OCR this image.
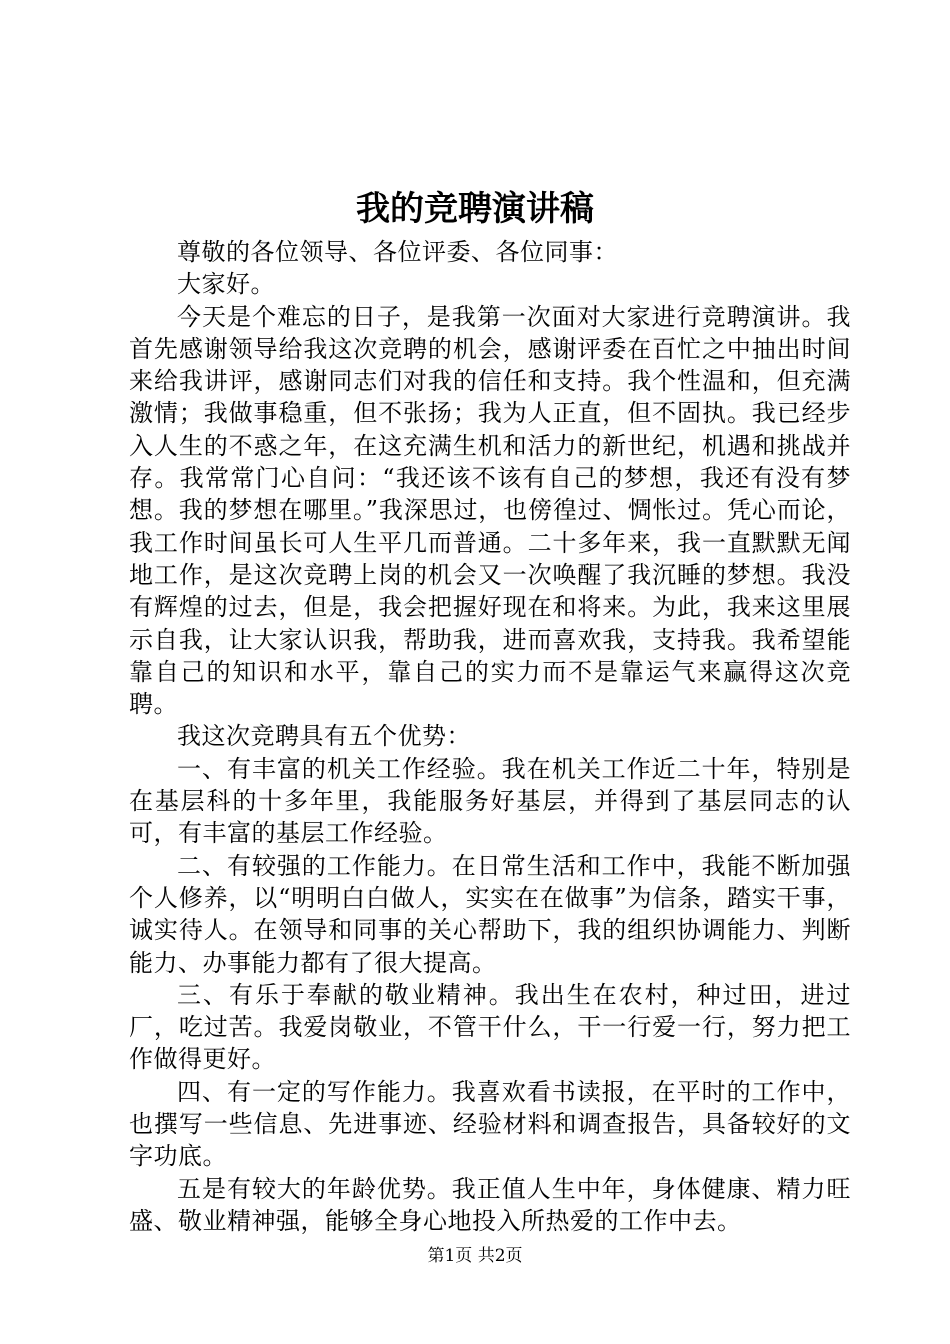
我的竞聘演讲稿

尊敬的各位领导、各位评委、各位同事：

大家好。

今天是个难忘的日子，是我第一次面对大家进行竞聘演讲。我首先感谢领导给我这次竞聘的机会，感谢评委在百忙之中抽出时间来给我讲评，感谢同志们对我的信任和支持。我个性温和，但充满激情；我做事稳重，但不张扬；我为人正直，但不固执。我已经步入人生的不惑之年，在这充满生机和活力的新世纪，机遇和挑战并存。我常常门心自问：“我还该不该有自己的梦想，我还有没有梦想。我的梦想在哪里。”我深思过，也傍徨过、惆怅过。凭心而论，我工作时间虽长可人生平几而普通。二十多年来，我一直默默无闻地工作，是这次竞聘上岗的机会又一次唤醒了我沉睡的梦想。我没有辉煌的过去，但是，我会把握好现在和将来。为此，我来这里展示自我，让大家认识我，帮助我，进而喜欢我，支持我。我希望能靠自己的知识和水平，靠自己的实力而不是靠运气来赢得这次竞聘。

我这次竞聘具有五个优势：

一、有丰富的机关工作经验。我在机关工作近二十年，特别是在基层科的十多年里，我能服务好基层，并得到了基层同志的认可，有丰富的基层工作经验。

二、有较强的工作能力。在日常生活和工作中，我能不断加强个人修养，以“明明白白做人，实实在在做事”为信条，踏实干事，诚实待人。在领导和同事的关心帮助下，我的组织协调能力、判断能力、办事能力都有了很大提高。

三、有乐于奉献的敬业精神。我出生在农村，种过田，进过厂，吃过苦。我爱岗敬业，不管干什么，干一行爱一行，努力把工作做得更好。

四、有一定的写作能力。我喜欢看书读报，在平时的工作中，也撰写一些信息、先进事迹、经验材料和调查报告，具备较好的文字功底。

五是有较大的年龄优势。我正值人生中年，身体健康、精力旺盛、敬业精神强，能够全身心地投入所热爱的工作中去。

第1页 共2页
